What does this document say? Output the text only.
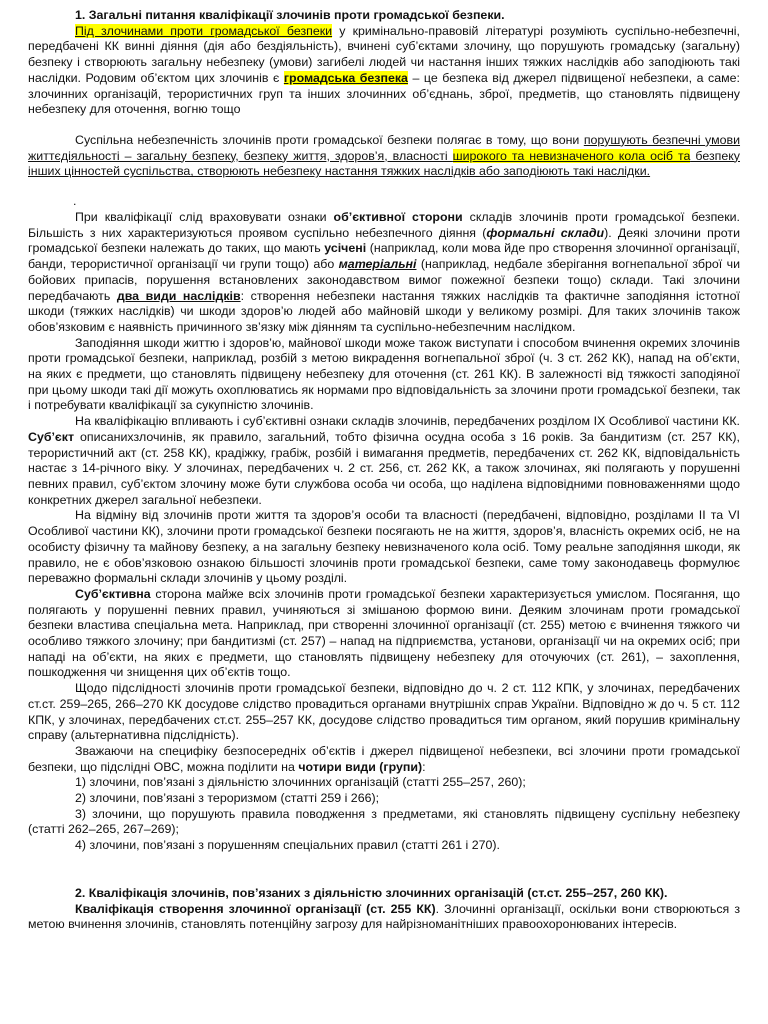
1. Загальні питання кваліфікації злочинів проти громадської безпеки.

Під злочинами проти громадської безпеки у кримінально-правовій літературі розуміють суспільно-небезпечні, передбачені КК винні діяння (дія або бездіяльність), вчинені суб’єктами злочину, що порушують громадську (загальну) безпеку і створюють загальну небезпеку (умови) загибелі людей чи настання інших тяжких наслідків або заподіюють такі наслідки. Родовим об’єктом цих злочинів є громадська безпека – це безпека від джерел підвищеної небезпеки, а саме: злочинних організацій, терористичних груп та інших злочинних об’єднань, зброї, предметів, що становлять підвищену небезпеку для оточення, вогню тощо

Суспільна небезпечність злочинів проти громадської безпеки полягає в тому, що вони порушують безпечні умови життєдіяльності – загальну безпеку, безпеку життя, здоров’я, власності широкого та невизначеного кола осіб та безпеку інших цінностей суспільства, створюють небезпеку настання тяжких наслідків або заподіюють такі наслідки.

.

При кваліфікації слід враховувати ознаки об’єктивної сторони складів злочинів проти громадської безпеки. Більшість з них характеризуються проявом суспільно небезпечного діяння (формальні склади). Деякі злочини проти громадської безпеки належать до таких, що мають усічені (наприклад, коли мова йде про створення злочинної організації, банди, терористичної організації чи групи тощо) або матеріальні (наприклад, недбале зберігання вогнепальної зброї чи бойових припасів, порушення встановлених законодавством вимог пожежної безпеки тощо) склади. Такі злочини передбачають два види наслідків: створення небезпеки настання тяжких наслідків та фактичне заподіяння істотної шкоди (тяжких наслідків) чи шкоди здоров’ю людей або майновій шкоди у великому розмірі. Для таких злочинів також обов’язковим є наявність причинного зв’язку між діянням та суспільно-небезпечним наслідком.

Заподіяння шкоди життю і здоров’ю, майнової шкоди може також виступати і способом вчинення окремих злочинів проти громадської безпеки, наприклад, розбій з метою викрадення вогнепальної зброї (ч. 3 ст. 262 КК), напад на об’єкти, на яких є предмети, що становлять підвищену небезпеку для оточення (ст. 261 КК). В залежності від тяжкості заподіяної при цьому шкоди такі дії можуть охоплюватись як нормами про відповідальність за злочини проти громадської безпеки, так і потребувати кваліфікації за сукупністю злочинів.

На кваліфікацію впливають і суб’єктивні ознаки складів злочинів, передбачених розділом IX Особливої частини КК. Суб’єкт описанихзлочинів, як правило, загальний, тобто фізична осудна особа з 16 років. За бандитизм (ст. 257 КК), терористичний акт (ст. 258 КК), крадіжку, грабіж, розбій і вимагання предметів, передбачених ст. 262 КК, відповідальність настає з 14-річного віку. У злочинах, передбачених ч. 2 ст. 256, ст. 262 КК, а також злочинах, які полягають у порушенні певних правил, суб’єктом злочину може бути службова особа чи особа, що наділена відповідними повноваженнями щодо конкретних джерел загальної небезпеки.

На відміну від злочинів проти життя та здоров’я особи та власності (передбачені, відповідно, розділами II та VI Особливої частини КК), злочини проти громадської безпеки посягають не на життя, здоров’я, власність окремих осіб, не на особисту фізичну та майнову безпеку, а на загальну безпеку невизначеного кола осіб. Тому реальне заподіяння шкоди, як правило, не є обов’язковою ознакою більшості злочинів проти громадської безпеки, саме тому законодавець формулює переважно формальні склади злочинів у цьому розділі.

Суб’єктивна сторона майже всіх злочинів проти громадської безпеки характеризується умислом. Посягання, що полягають у порушенні певних правил, учиняються зі змішаною формою вини. Деяким злочинам проти громадської безпеки властива спеціальна мета. Наприклад, при створенні злочинної організації (ст. 255) метою є вчинення тяжкого чи особливо тяжкого злочину; при бандитизмі (ст. 257) – напад на підприємства, установи, організації чи на окремих осіб; при нападі на об’єкти, на яких є предмети, що становлять підвищену небезпеку для оточуючих (ст. 261), – захоплення, пошкодження чи знищення цих об’єктів тощо.

Щодо підслідності злочинів проти громадської безпеки, відповідно до ч. 2 ст. 112 КПК, у злочинах, передбачених ст.ст. 259–265, 266–270 КК досудове слідство провадиться органами внутрішніх справ України. Відповідно ж до ч. 5 ст. 112 КПК, у злочинах, передбачених ст.ст. 255–257 КК, досудове слідство провадиться тим органом, який порушив кримінальну справу (альтернативна підслідність).

Зважаючи на специфіку безпосередніх об’єктів і джерел підвищеної небезпеки, всі злочини проти громадської безпеки, що підслідні ОВС, можна поділити на чотири види (групи):

1) злочини, пов’язані з діяльністю злочинних організацій (статті 255–257, 260);

2) злочини, пов’язані з тероризмом (статті 259 і 266);

3) злочини, що порушують правила поводження з предметами, які становлять підвищену суспільну небезпеку (статті 262–265, 267–269);

4) злочини, пов’язані з порушенням спеціальних правил (статті 261 і 270).

2. Кваліфікація злочинів, пов’язаних з діяльністю злочинних організацій (ст.ст. 255–257, 260 КК).

Кваліфікація створення злочинної організації (ст. 255 КК). Злочинні організації, оскільки вони створюються з метою вчинення злочинів, становлять потенційну загрозу для найрізноманітніших правоохоронюваних інтересів.
